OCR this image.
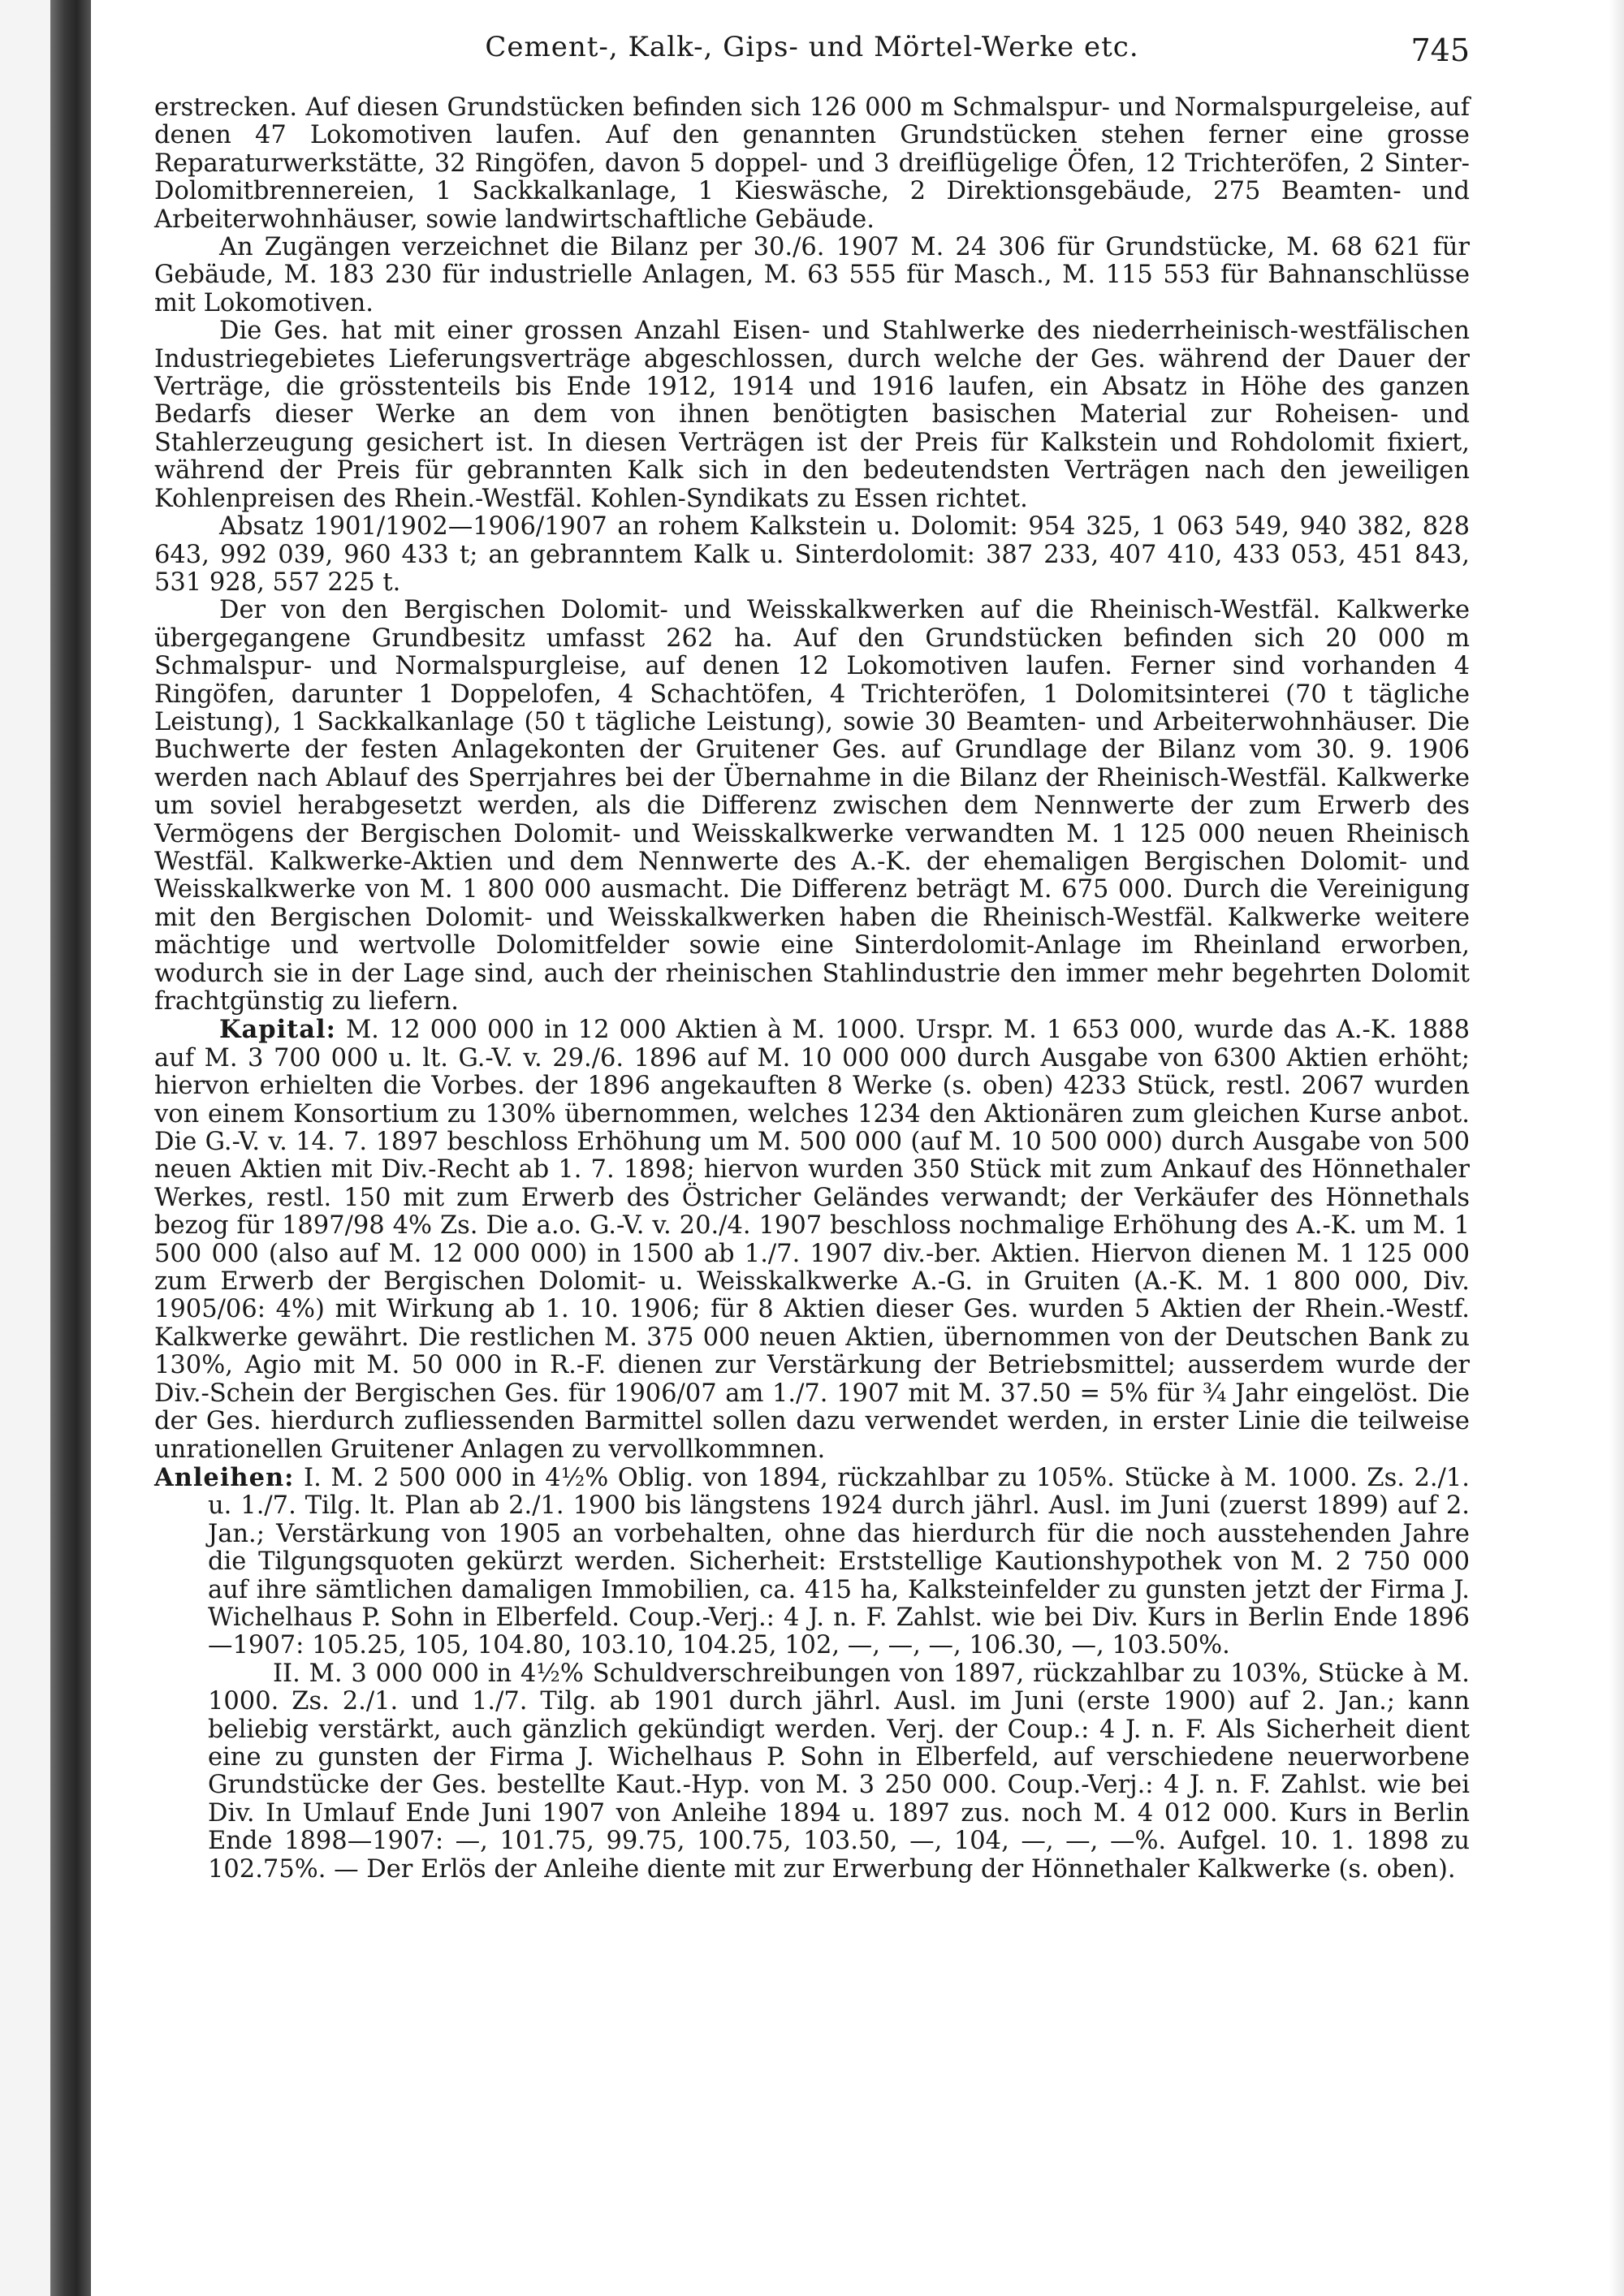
Cement-, Kalk-, Gips- und Mörtel-Werke etc.	745

erstrecken. Auf diesen Grundstücken befinden sich 126 000 m Schmalspur- und Normalspurgeleise, auf denen 47 Lokomotiven laufen. Auf den genannten Grundstücken stehen ferner eine grosse Reparaturwerkstätte, 32 Ringöfen, davon 5 doppel- und 3 dreiflügelige Öfen, 12 Trichteröfen, 2 Sinter-Dolomitbrennereien, 1 Sackkalkanlage, 1 Kieswäsche, 2 Direktionsgebäude, 275 Beamten- und Arbeiterwohnhäuser, sowie landwirtschaftliche Gebäude.

An Zugängen verzeichnet die Bilanz per 30./6. 1907 M. 24 306 für Grundstücke, M. 68 621 für Gebäude, M. 183 230 für industrielle Anlagen, M. 63 555 für Masch., M. 115 553 für Bahnanschlüsse mit Lokomotiven.

Die Ges. hat mit einer grossen Anzahl Eisen- und Stahlwerke des niederrheinisch-westfälischen Industriegebietes Lieferungsverträge abgeschlossen, durch welche der Ges. während der Dauer der Verträge, die grösstenteils bis Ende 1912, 1914 und 1916 laufen, ein Absatz in Höhe des ganzen Bedarfs dieser Werke an dem von ihnen benötigten basischen Material zur Roheisen- und Stahlerzeugung gesichert ist. In diesen Verträgen ist der Preis für Kalkstein und Rohdolomit fixiert, während der Preis für gebrannten Kalk sich in den bedeutendsten Verträgen nach den jeweiligen Kohlenpreisen des Rhein.-Westfäl. Kohlen-Syndikats zu Essen richtet.

Absatz 1901/1902—1906/1907 an rohem Kalkstein u. Dolomit: 954 325, 1 063 549, 940 382, 828 643, 992 039, 960 433 t; an gebranntem Kalk u. Sinterdolomit: 387 233, 407 410, 433 053, 451 843, 531 928, 557 225 t.

Der von den Bergischen Dolomit- und Weisskalkwerken auf die Rheinisch-Westfäl. Kalkwerke übergegangene Grundbesitz umfasst 262 ha. Auf den Grundstücken befinden sich 20 000 m Schmalspur- und Normalspurgleise, auf denen 12 Lokomotiven laufen. Ferner sind vorhanden 4 Ringöfen, darunter 1 Doppelofen, 4 Schachtöfen, 4 Trichteröfen, 1 Dolomitsinterei (70 t tägliche Leistung), 1 Sackkalkanlage (50 t tägliche Leistung), sowie 30 Beamten- und Arbeiterwohnhäuser. Die Buchwerte der festen Anlagekonten der Gruitener Ges. auf Grundlage der Bilanz vom 30. 9. 1906 werden nach Ablauf des Sperrjahres bei der Übernahme in die Bilanz der Rheinisch-Westfäl. Kalkwerke um soviel herabgesetzt werden, als die Differenz zwischen dem Nennwerte der zum Erwerb des Vermögens der Bergischen Dolomit- und Weisskalkwerke verwandten M. 1 125 000 neuen Rheinisch Westfäl. Kalkwerke-Aktien und dem Nennwerte des A.-K. der ehemaligen Bergischen Dolomit- und Weisskalkwerke von M. 1 800 000 ausmacht. Die Differenz beträgt M. 675 000. Durch die Vereinigung mit den Bergischen Dolomit- und Weisskalkwerken haben die Rheinisch-Westfäl. Kalkwerke weitere mächtige und wertvolle Dolomitfelder sowie eine Sinterdolomit-Anlage im Rheinland erworben, wodurch sie in der Lage sind, auch der rheinischen Stahlindustrie den immer mehr begehrten Dolomit frachtgünstig zu liefern.

Kapital: M. 12 000 000 in 12 000 Aktien à M. 1000. Urspr. M. 1 653 000, wurde das A.-K. 1888 auf M. 3 700 000 u. lt. G.-V. v. 29./6. 1896 auf M. 10 000 000 durch Ausgabe von 6300 Aktien erhöht; hiervon erhielten die Vorbes. der 1896 angekauften 8 Werke (s. oben) 4233 Stück, restl. 2067 wurden von einem Konsortium zu 130% übernommen, welches 1234 den Aktionären zum gleichen Kurse anbot. Die G.-V. v. 14. 7. 1897 beschloss Erhöhung um M. 500 000 (auf M. 10 500 000) durch Ausgabe von 500 neuen Aktien mit Div.-Recht ab 1. 7. 1898; hiervon wurden 350 Stück mit zum Ankauf des Hönnethaler Werkes, restl. 150 mit zum Erwerb des Östricher Geländes verwandt; der Verkäufer des Hönnethals bezog für 1897/98 4% Zs. Die a.o. G.-V. v. 20./4. 1907 beschloss nochmalige Erhöhung des A.-K. um M. 1 500 000 (also auf M. 12 000 000) in 1500 ab 1./7. 1907 div.-ber. Aktien. Hiervon dienen M. 1 125 000 zum Erwerb der Bergischen Dolomit- u. Weisskalkwerke A.-G. in Gruiten (A.-K. M. 1 800 000, Div. 1905/06: 4%) mit Wirkung ab 1. 10. 1906; für 8 Aktien dieser Ges. wurden 5 Aktien der Rhein.-Westf. Kalkwerke gewährt. Die restlichen M. 375 000 neuen Aktien, übernommen von der Deutschen Bank zu 130%, Agio mit M. 50 000 in R.-F. dienen zur Verstärkung der Betriebsmittel; ausserdem wurde der Div.-Schein der Bergischen Ges. für 1906/07 am 1./7. 1907 mit M. 37.50 = 5% für ¾ Jahr eingelöst. Die der Ges. hierdurch zufliessenden Barmittel sollen dazu verwendet werden, in erster Linie die teilweise unrationellen Gruitener Anlagen zu vervollkommnen.

Anleihen: I. M. 2 500 000 in 4½% Oblig. von 1894, rückzahlbar zu 105%. Stücke à M. 1000. Zs. 2./1. u. 1./7. Tilg. lt. Plan ab 2./1. 1900 bis längstens 1924 durch jährl. Ausl. im Juni (zuerst 1899) auf 2. Jan.; Verstärkung von 1905 an vorbehalten, ohne das hierdurch für die noch ausstehenden Jahre die Tilgungsquoten gekürzt werden. Sicherheit: Erststellige Kautionshypothek von M. 2 750 000 auf ihre sämtlichen damaligen Immobilien, ca. 415 ha, Kalksteinfelder zu gunsten jetzt der Firma J. Wichelhaus P. Sohn in Elberfeld. Coup.-Verj.: 4 J. n. F. Zahlst. wie bei Div. Kurs in Berlin Ende 1896—1907: 105.25, 105, 104.80, 103.10, 104.25, 102, —, —, —, 106.30, —, 103.50%.

II. M. 3 000 000 in 4½% Schuldverschreibungen von 1897, rückzahlbar zu 103%, Stücke à M. 1000. Zs. 2./1. und 1./7. Tilg. ab 1901 durch jährl. Ausl. im Juni (erste 1900) auf 2. Jan.; kann beliebig verstärkt, auch gänzlich gekündigt werden. Verj. der Coup.: 4 J. n. F. Als Sicherheit dient eine zu gunsten der Firma J. Wichelhaus P. Sohn in Elberfeld, auf verschiedene neuerworbene Grundstücke der Ges. bestellte Kaut.-Hyp. von M. 3 250 000. Coup.-Verj.: 4 J. n. F. Zahlst. wie bei Div. In Umlauf Ende Juni 1907 von Anleihe 1894 u. 1897 zus. noch M. 4 012 000. Kurs in Berlin Ende 1898—1907: —, 101.75, 99.75, 100.75, 103.50, —, 104, —, —, —%. Aufgel. 10. 1. 1898 zu 102.75%. — Der Erlös der Anleihe diente mit zur Erwerbung der Hönnethaler Kalkwerke (s. oben).
